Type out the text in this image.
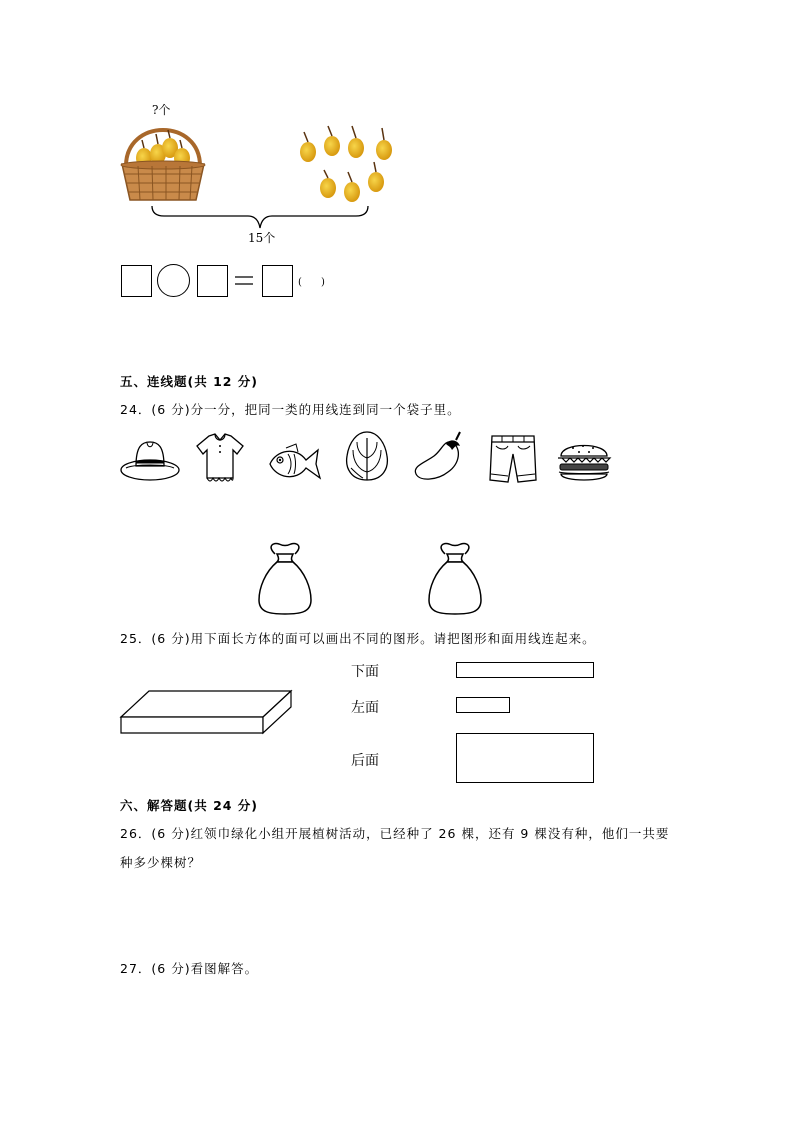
?个
15个
(      )
五、连线题(共 12 分)
24．(6 分)分一分，把同一类的用线连到同一个袋子里。
25．(6 分)用下面长方体的面可以画出不同的图形。请把图形和面用线连起来。
下面
左面
后面
六、解答题(共 24 分)
26．(6 分)红领巾绿化小组开展植树活动，已经种了 26 棵，还有 9 棵没有种，他们一共要
种多少棵树？
27．(6 分)看图解答。
